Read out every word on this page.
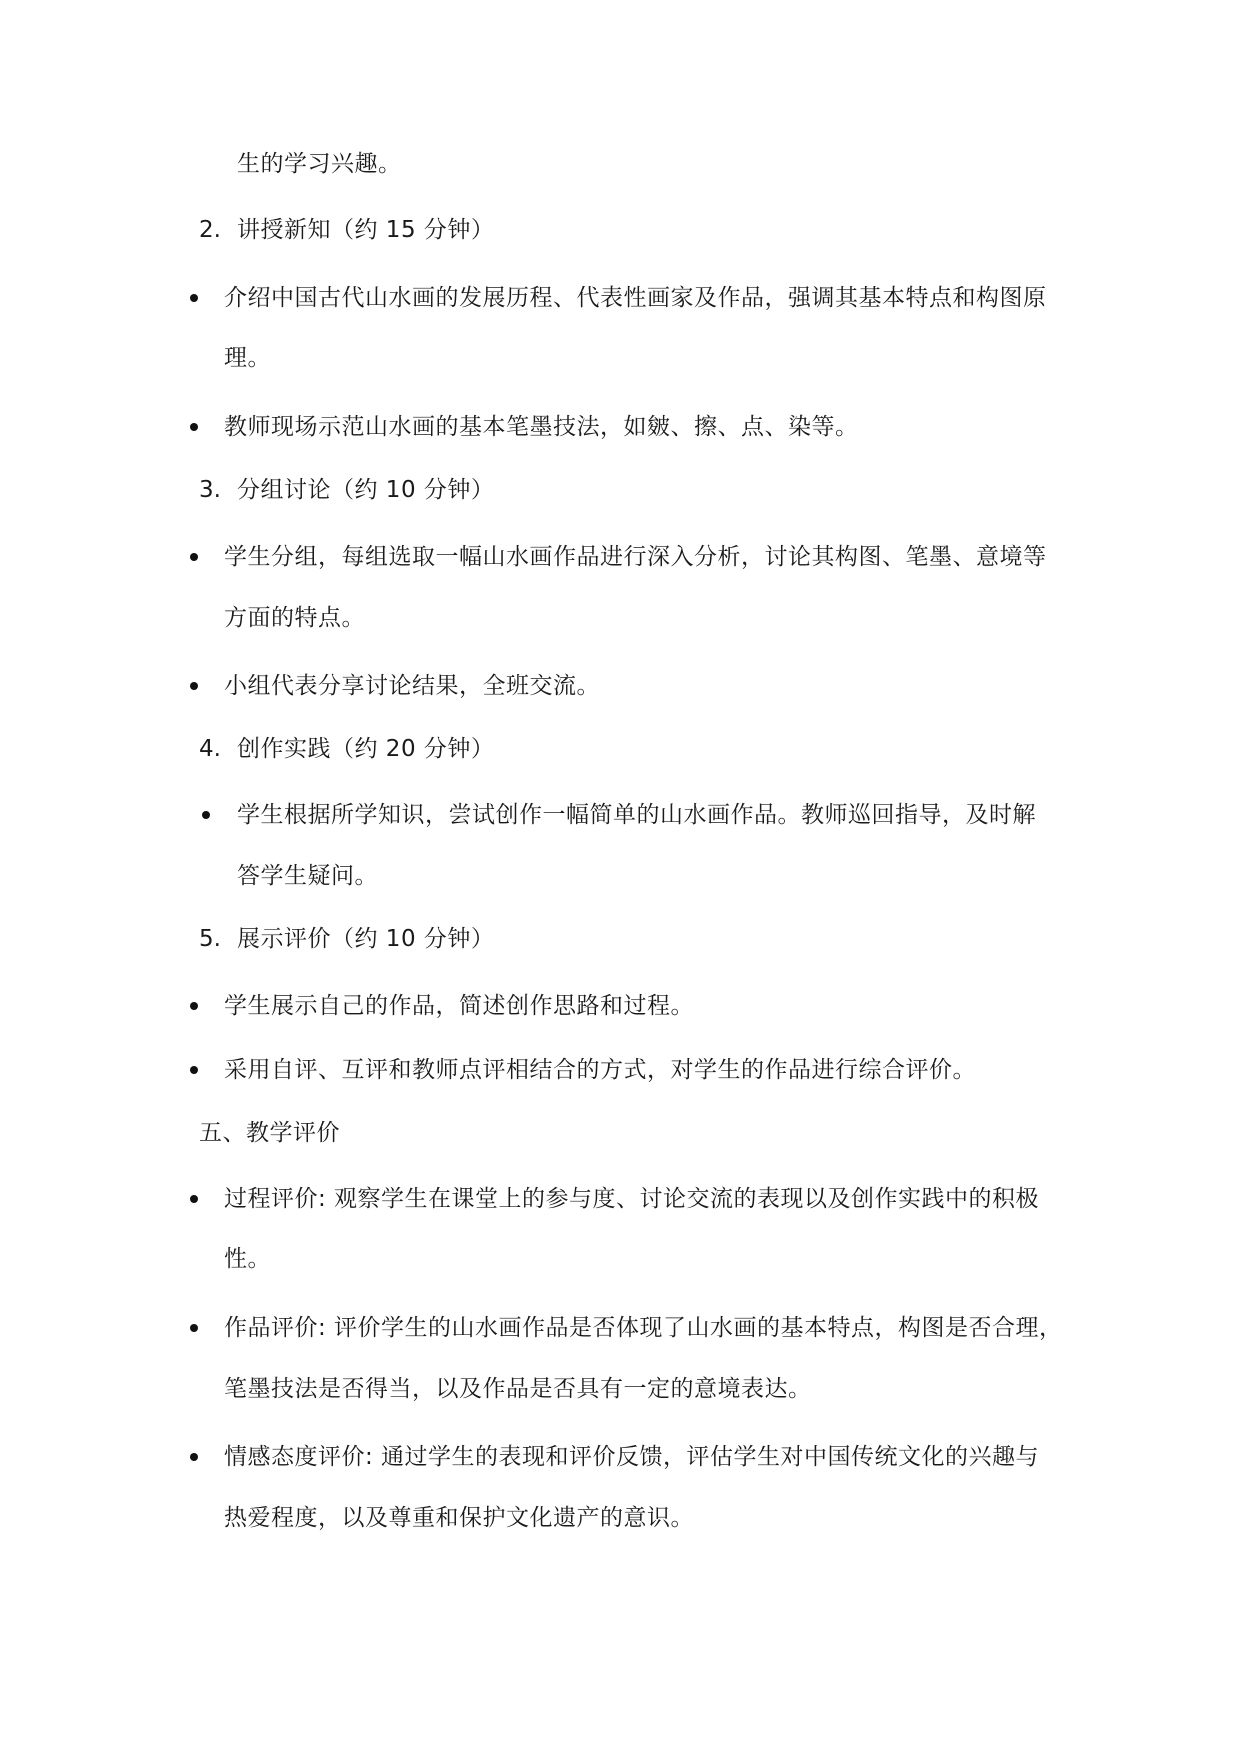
生的学习兴趣。
2. 讲授新知（约 15 分钟）
介绍中国古代山水画的发展历程、代表性画家及作品，强调其基本特点和构图原
理。
教师现场示范山水画的基本笔墨技法，如皴、擦、点、染等。
3. 分组讨论（约 10 分钟）
学生分组，每组选取一幅山水画作品进行深入分析，讨论其构图、笔墨、意境等
方面的特点。
小组代表分享讨论结果，全班交流。
4. 创作实践（约 20 分钟）
学生根据所学知识，尝试创作一幅简单的山水画作品。教师巡回指导，及时解
答学生疑问。
5. 展示评价（约 10 分钟）
学生展示自己的作品，简述创作思路和过程。
采用自评、互评和教师点评相结合的方式，对学生的作品进行综合评价。
五、教学评价
过程评价: 观察学生在课堂上的参与度、讨论交流的表现以及创作实践中的积极
性。
作品评价: 评价学生的山水画作品是否体现了山水画的基本特点，构图是否合理，
笔墨技法是否得当，以及作品是否具有一定的意境表达。
情感态度评价: 通过学生的表现和评价反馈，评估学生对中国传统文化的兴趣与
热爱程度，以及尊重和保护文化遗产的意识。
